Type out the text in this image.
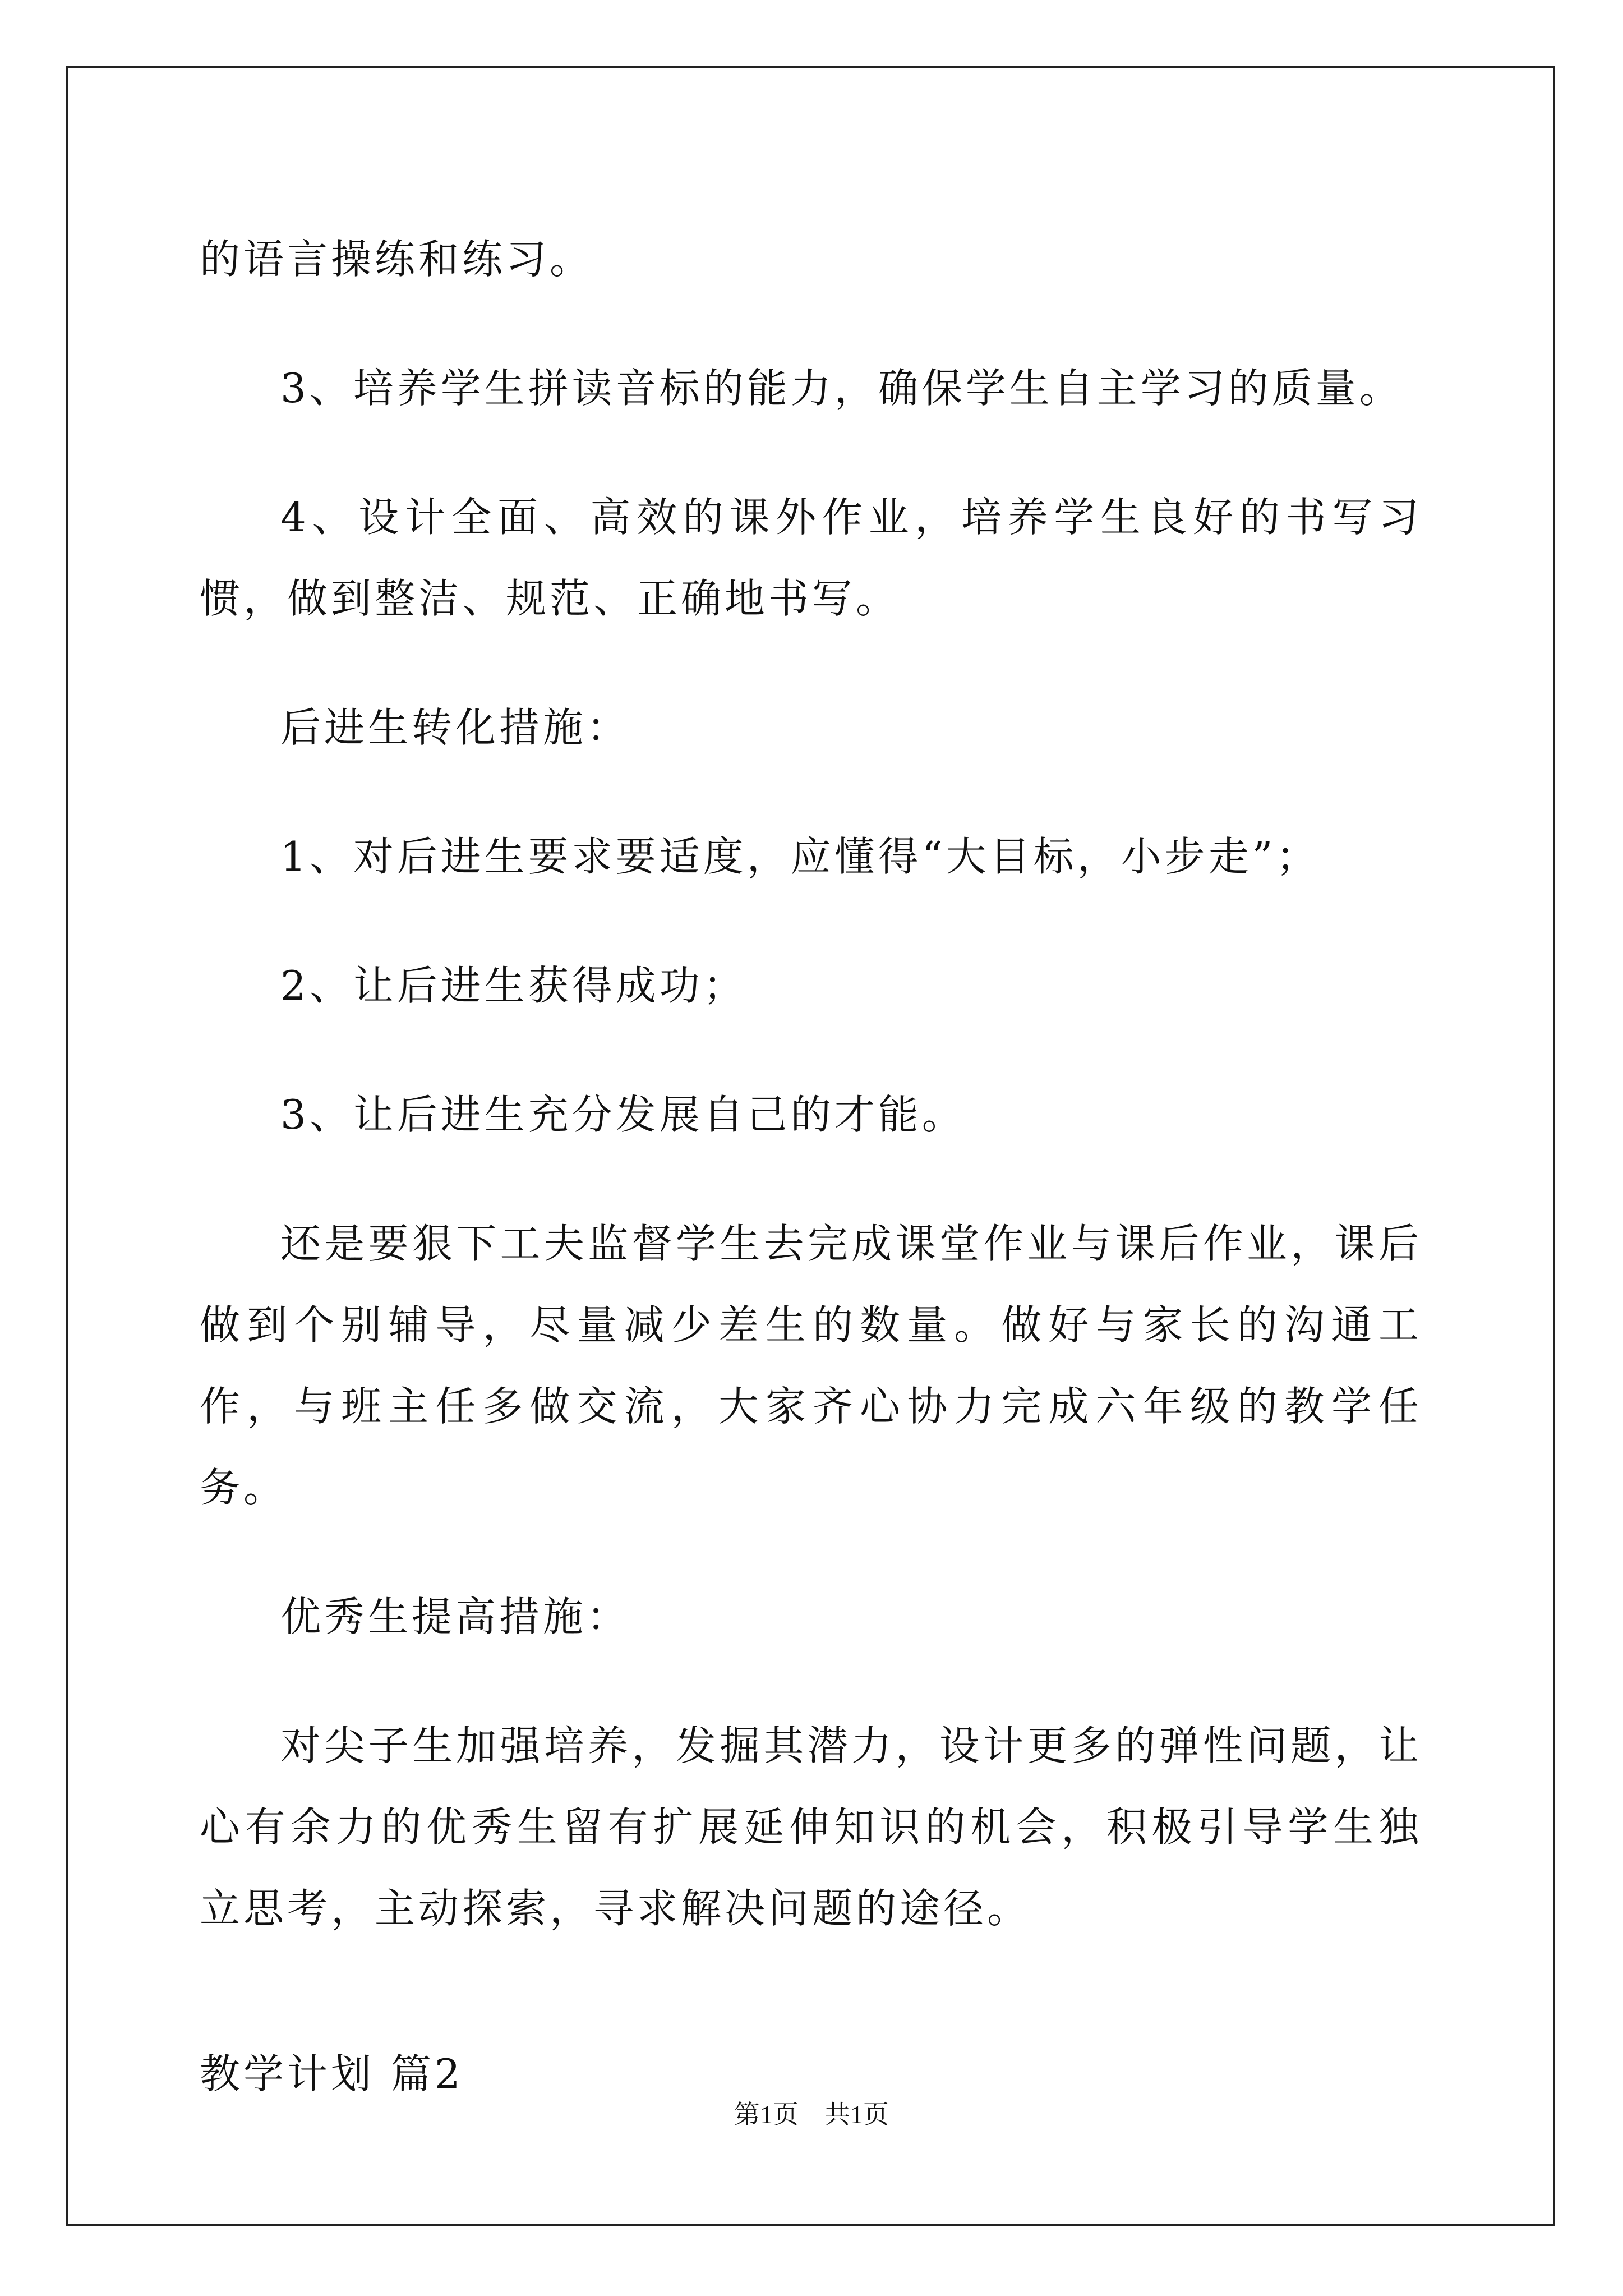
的语言操练和练习。

3、培养学生拼读音标的能力，确保学生自主学习的质量。

4、设计全面、高效的课外作业，培养学生良好的书写习惯，做到整洁、规范、正确地书写。

后进生转化措施：

1、对后进生要求要适度，应懂得“大目标，小步走”；

2、让后进生获得成功；

3、让后进生充分发展自己的才能。

还是要狠下工夫监督学生去完成课堂作业与课后作业，课后做到个别辅导，尽量减少差生的数量。做好与家长的沟通工作，与班主任多做交流，大家齐心协力完成六年级的教学任务。

优秀生提高措施：

对尖子生加强培养，发掘其潜力，设计更多的弹性问题，让心有余力的优秀生留有扩展延伸知识的机会，积极引导学生独立思考，主动探索，寻求解决问题的途径。

教学计划 篇2
第1页　共1页
